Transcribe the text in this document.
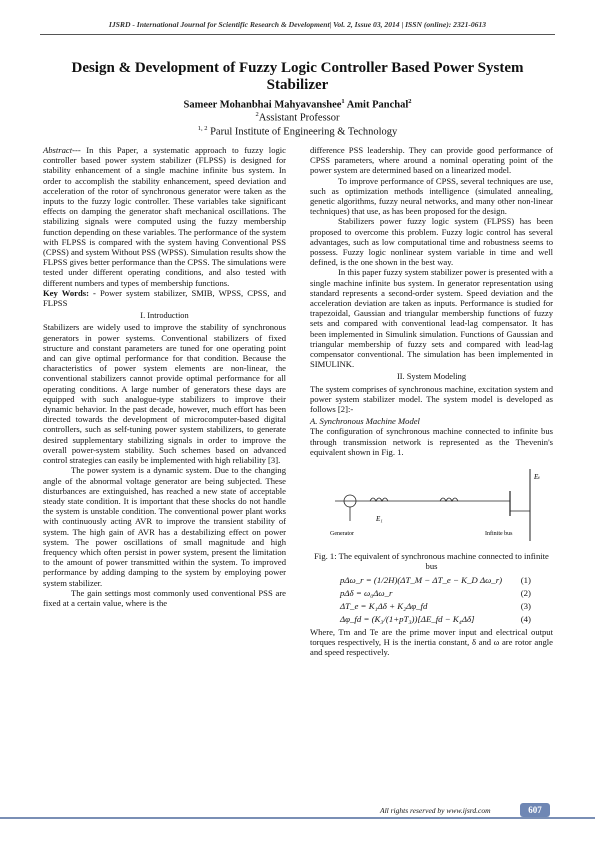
IJSRD - International Journal for Scientific Research & Development| Vol. 2, Issue 03, 2014 | ISSN (online): 2321-0613
Design & Development of Fuzzy Logic Controller Based Power System Stabilizer
Sameer Mohanbhai Mahyavanshee$^1$ Amit Panchal$^2$
$^2$Assistant Professor
$^{1, 2}$ Parul Institute of Engineering & Technology

Abstract--- In this Paper, a systematic approach to fuzzy logic controller based power system stabilizer (FLPSS) is designed for stability enhancement of a single machine infinite bus system. In order to accomplish the stability enhancement, speed deviation and acceleration of the rotor of synchronous generator were taken as the inputs to the fuzzy logic controller. These variables take significant effects on damping the generator shaft mechanical oscillations. The stabilizing signals were computed using the fuzzy membership function depending on these variables. The performance of the system with FLPSS is compared with the system having Conventional PSS (CPSS) and system Without PSS (WPSS). Simulation results show the FLPSS gives better performance than the CPSS. The simulations were tested under different operating conditions, and also tested with different numbers and types of membership functions.

Key Words: - Power system stabilizer, SMIB, WPSS, CPSS, and FLPSS

I. Introduction

Stabilizers are widely used to improve the stability of synchronous generators in power systems. Conventional stabilizers of fixed structure and constant parameters are tuned for one operating point and can give optimal performance for that condition. Because the characteristics of power system elements are non-linear, the conventional stabilizers cannot provide optimal performance for all operating conditions. A large number of generators these days are equipped with such analogue-type stabilizers to improve their dynamic behavior. In the past decade, however, much effort has been directed towards the development of microcomputer-based digital controllers, such as self-tuning power system stabilizers, to generate desired supplementary stabilizing signals in order to improve the overall power-system stability. Such schemes based on advanced control strategies can easily be implemented with high reliability [3].

The power system is a dynamic system. Due to the changing angle of the abnormal voltage generator are being subjected. These disturbances are extinguished, has reached a new state of acceptable steady state condition. It is important that these shocks do not handle the system is unstable condition. The conventional power plant works with continuously acting AVR to improve the transient stability of system. The high gain of AVR has a destabilizing effect on power system. The power oscillations of small magnitude and high frequency which often persist in power system, present the limitation to the amount of power transmitted within the system. To improved performance by adding damping to the system by employing power system stabilizer.

The gain settings most commonly used conventional PSS are fixed at a certain value, where is the

difference PSS leadership. They can provide good performance of CPSS parameters, where around a nominal operating point of the power system are determined based on a linearized model.

To improve performance of CPSS, several techniques are use, such as optimization methods intelligence (simulated annealing, genetic algorithms, fuzzy neural networks, and many other non-linear techniques) that use, as has been proposed for the design.

Stabilizers power fuzzy logic system (FLPSS) has been proposed to overcome this problem. Fuzzy logic control has several advantages, such as low computational time and robustness seems to possess. Fuzzy logic nonlinear system variable in time and well defined, is the one shown in the best way.

In this paper fuzzy system stabilizer power is presented with a single machine infinite bus system. In generator representation using standard represents a second-order system. Speed deviation and the acceleration deviation are taken as inputs. Performance is studied for trapezoidal, Gaussian and triangular membership functions of fuzzy sets and compared with conventional lead-lag compensator. It has been implemented in Simulink simulation. Functions of Gaussian and triangular membership of fuzzy sets and compared with lead-lag compensator conventional. The simulation has been implemented in SIMULINK.

II. System Modeling

The system comprises of synchronous machine, excitation system and power system stabilizer model. The system model is developed as follows [2]:-

A. Synchronous Machine Model

The configuration of synchronous machine connected to infinite bus through transmission network is represented as the Thevenin's equivalent shown in Fig. 1.

Eₜ
E₁
Generator	Infinite bus
Fig. 1: The equivalent of synchronous machine connected to infinite bus
pΔω_r = (1/2H)(ΔT_M − ΔT_e − K_D Δω_r) (1)
pΔδ = ω₀Δω_r	(2)
ΔT_e = K₁Δδ + K₂Δφ_fd	(3)
Δφ_fd = (K₃/(1+pT₃))[ΔE_fd − K₄Δδ]	(4)

Where, Tm and Te are the prime mover input and electrical output torques respectively, H is the inertia constant, δ and ω are rotor angle and speed respectively.

All rights reserved by www.ijsrd.com	607
